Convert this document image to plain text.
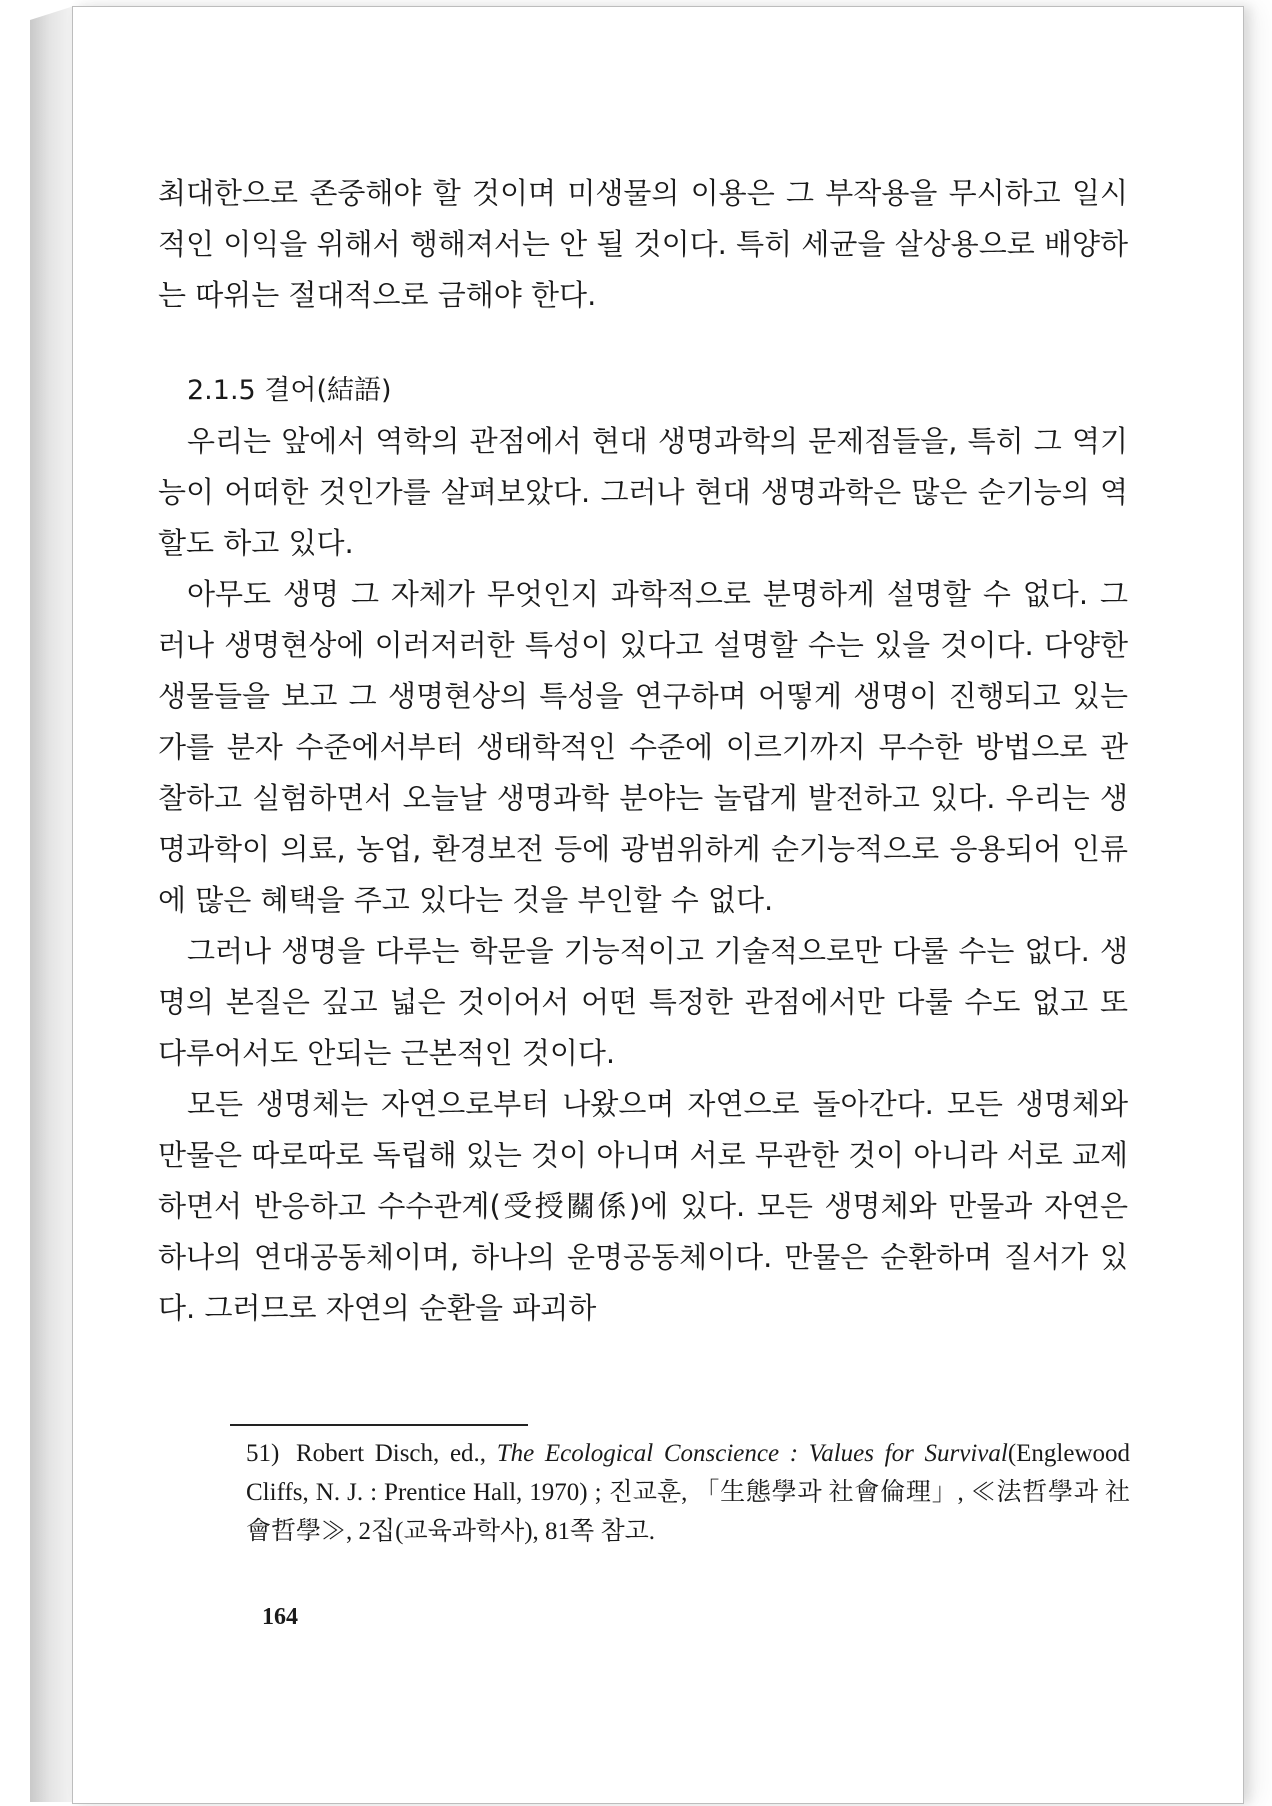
최대한으로 존중해야 할 것이며 미생물의 이용은 그 부작용을 무시하고 일시적인 이익을 위해서 행해져서는 안 될 것이다. 특히 세균을 살상용으로 배양하는 따위는 절대적으로 금해야 한다.

2.1.5 결어(結語)

우리는 앞에서 역학의 관점에서 현대 생명과학의 문제점들을, 특히 그 역기능이 어떠한 것인가를 살펴보았다. 그러나 현대 생명과학은 많은 순기능의 역할도 하고 있다.

아무도 생명 그 자체가 무엇인지 과학적으로 분명하게 설명할 수 없다. 그러나 생명현상에 이러저러한 특성이 있다고 설명할 수는 있을 것이다. 다양한 생물들을 보고 그 생명현상의 특성을 연구하며 어떻게 생명이 진행되고 있는가를 분자 수준에서부터 생태학적인 수준에 이르기까지 무수한 방법으로 관찰하고 실험하면서 오늘날 생명과학 분야는 놀랍게 발전하고 있다. 우리는 생명과학이 의료, 농업, 환경보전 등에 광범위하게 순기능적으로 응용되어 인류에 많은 혜택을 주고 있다는 것을 부인할 수 없다.

그러나 생명을 다루는 학문을 기능적이고 기술적으로만 다룰 수는 없다. 생명의 본질은 깊고 넓은 것이어서 어떤 특정한 관점에서만 다룰 수도 없고 또 다루어서도 안되는 근본적인 것이다.

모든 생명체는 자연으로부터 나왔으며 자연으로 돌아간다. 모든 생명체와 만물은 따로따로 독립해 있는 것이 아니며 서로 무관한 것이 아니라 서로 교제하면서 반응하고 수수관계(受授關係)에 있다. 모든 생명체와 만물과 자연은 하나의 연대공동체이며, 하나의 운명공동체이다. 만물은 순환하며 질서가 있다. 그러므로 자연의 순환을 파괴하

51) Robert Disch, ed., The Ecological Conscience : Values for Survival(Englewood Cliffs, N. J. : Prentice Hall, 1970) ; 진교훈, 「生態學과 社會倫理」, ≪法哲學과 社會哲學≫, 2집(교육과학사), 81쪽 참고.
164
